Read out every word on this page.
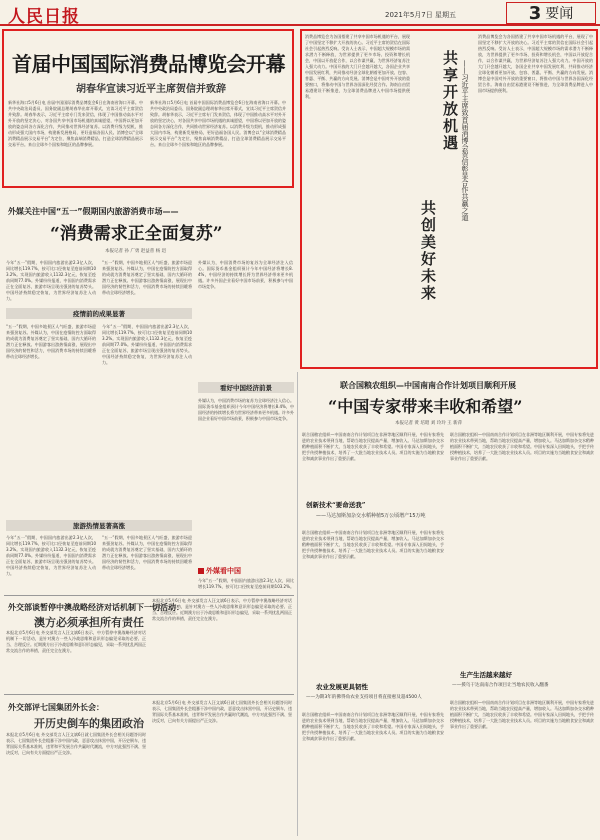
人民日报	2021年5月7日 星期五	3 要闻
首届中国国际消费品博览会开幕
胡春华宣读习近平主席贺信并致辞
新华社海口5月6日电 首届中国国际消费品博览会6日在海南省海口开幕。中共中央政治局委员、国务院副总理胡春华出席开幕式，宣读习近平主席贺信并致辞。胡春华表示，习近平主席专门发来贺信，体现了中国推动高水平对外开放的坚定决心，对各国共享中国市场机遇的真诚愿望，中国将以更加开放的姿态同各方深化合作，共同推动世界经济复苏。以消费升级为契机，推动形成强大国内市场，构建新发展格局，更好造福各国人民。消博会以“全球消费精品展示交易平台”为定位，聚焦高端消费精品，打造全球消费精品展示交易平台。来自全球多个国家和地区的品牌参展。
新华社海口5月6日电 首届中国国际消费品博览会6日在海南省海口开幕。中共中央政治局委员、国务院副总理胡春华出席开幕式，宣读习近平主席贺信并致辞。胡春华表示，习近平主席专门发来贺信，体现了中国推动高水平对外开放的坚定决心，对各国共享中国市场机遇的真诚愿望，中国将以更加开放的姿态同各方深化合作，共同推动世界经济复苏。以消费升级为契机，推动形成强大国内市场，构建新发展格局，更好造福各国人民。消博会以“全球消费精品展示交易平台”为定位，聚焦高端消费精品，打造全球消费精品展示交易平台。来自全球多个国家和地区的品牌参展。
消费品博览会为各国搭建了共享中国市场机遇的平台，展现了中国坚定不移扩大开放的决心。习近平主席的贺信在国际社会引起热烈反响。受访人士表示，中国超大规模市场的需求潜力不断释放，为世界提供了更多市场、投资和增长机会，中国以开放促合作，以合作谋共赢，为世界经济复苏注入强大动力。中国开放的大门只会越开越大，各国企业共享中国发展红利，共同推动经济全球化朝着更加开放、包容、普惠、平衡、共赢的方向发展。消博会是中国对外开放的重要窗口，将推动中国与世界各国深化经贸合作。海南自由贸易港建设不断推进，为全球消费品牌进入中国市场提供便利。	共享开放机遇
共创美好未来
——习近平主席致首届消博会贺信彰显合作共赢之道
消费品博览会为各国搭建了共享中国市场机遇的平台，展现了中国坚定不移扩大开放的决心。习近平主席的贺信在国际社会引起热烈反响。受访人士表示，中国超大规模市场的需求潜力不断释放，为世界提供了更多市场、投资和增长机会，中国以开放促合作，以合作谋共赢，为世界经济复苏注入强大动力。中国开放的大门只会越开越大，各国企业共享中国发展红利，共同推动经济全球化朝着更加开放、包容、普惠、平衡、共赢的方向发展。消博会是中国对外开放的重要窗口，将推动中国与世界各国深化经贸合作。海南自由贸易港建设不断推进，为全球消费品牌进入中国市场提供便利。
外媒关注中国“五一”假期国内旅游消费市场——
“消费需求正全面复苏”
本报记者 孙 广勇 赵益普 杨 迅
今年“五一”假期，中国国内旅游出游2.3亿人次，同比增长119.7%，按可比口径恢复至疫前同期103.2%。实现国内旅游收入1132.3亿元，恢复至疫前同期77.0%。外媒纷纷报道，中国国内消费需求正在全面复苏，旅游市场呈现出强劲的复苏势头。中国经济持续稳定恢复，为世界经济复苏注入动力。
“五一”假期，中国多地景区人气旺盛，旅游市场迎来强劲复苏。外媒认为，中国在疫情防控方面取得的成就为消费复苏奠定了坚实基础，国内大循环的潜力正在释放。中国游客出游热情高涨，展现出中国经济的韧性和活力，中国消费市场的持续回暖将带动全球经济增长。
外媒认为，中国消费市场的复苏为全球经济注入信心。国际货币基金组织预计今年中国经济将增长8.4%，中国经济的持续增长将为世界经济带来更多机遇。许多外国企业看好中国市场前景，积极参与中国市场竞争。
疫情前的成果显著
“五一”假期，中国多地景区人气旺盛，旅游市场迎来强劲复苏。外媒认为，中国在疫情防控方面取得的成就为消费复苏奠定了坚实基础，国内大循环的潜力正在释放。中国游客出游热情高涨，展现出中国经济的韧性和活力，中国消费市场的持续回暖将带动全球经济增长。
今年“五一”假期，中国国内旅游出游2.3亿人次，同比增长119.7%，按可比口径恢复至疫前同期103.2%。实现国内旅游收入1132.3亿元，恢复至疫前同期77.0%。外媒纷纷报道，中国国内消费需求正在全面复苏，旅游市场呈现出强劲的复苏势头。中国经济持续稳定恢复，为世界经济复苏注入动力。
看好中国经济前景
外媒认为，中国消费市场的复苏为全球经济注入信心。国际货币基金组织预计今年中国经济将增长8.4%，中国经济的持续增长将为世界经济带来更多机遇。许多外国企业看好中国市场前景，积极参与中国市场竞争。
旅游热情显著高涨
今年“五一”假期，中国国内旅游出游2.3亿人次，同比增长119.7%，按可比口径恢复至疫前同期103.2%。实现国内旅游收入1132.3亿元，恢复至疫前同期77.0%。外媒纷纷报道，中国国内消费需求正在全面复苏，旅游市场呈现出强劲的复苏势头。中国经济持续稳定恢复，为世界经济复苏注入动力。
“五一”假期，中国多地景区人气旺盛，旅游市场迎来强劲复苏。外媒认为，中国在疫情防控方面取得的成就为消费复苏奠定了坚实基础，国内大循环的潜力正在释放。中国游客出游热情高涨，展现出中国经济的韧性和活力，中国消费市场的持续回暖将带动全球经济增长。	外媒看中国
今年“五一”假期，中国国内旅游出游2.3亿人次，同比增长119.7%，按可比口径恢复至疫前同期103.2%。
外交部谈暂停中澳战略经济对话机制下一切活动：
澳方必须承担所有责任
本报北京5月6日电 外交部发言人汪文斌6日表示，中方暂停中澳战略经济对话机制下一切活动，是针对澳方一些人冷战思维和意识形态偏见采取的必要、正当、合理反应。近期澳方出于冷战思维和意识形态偏见，采取一系列扰乱两国正常交流合作的举措，责任完全在澳方。
本报北京5月6日电 外交部发言人汪文斌6日表示，中方暂停中澳战略经济对话机制下一切活动，是针对澳方一些人冷战思维和意识形态偏见采取的必要、正当、合理反应。近期澳方出于冷战思维和意识形态偏见，采取一系列扰乱两国正常交流合作的举措，责任完全在澳方。
外交部评七国集团外长会：
开历史倒车的集团政治
本报北京5月6日电 外交部发言人汪文斌6日就七国集团外长会相关问题答问时表示，七国集团外长会粗暴干涉中国内政，恶意攻击抹黑中国，开历史倒车，违背国际关系基本准则，违背和平发展合作共赢时代潮流，中方对此强烈不满、坚决反对，已向有关方面提出严正交涉。
本报北京5月6日电 外交部发言人汪文斌6日就七国集团外长会相关问题答问时表示，七国集团外长会粗暴干涉中国内政，恶意攻击抹黑中国，开历史倒车，违背国际关系基本准则，违背和平发展合作共赢时代潮流，中方对此强烈不满、坚决反对，已向有关方面提出严正交涉。
联合国粮农组织—中国南南合作计划项目顺利开展
“中国专家带来丰收和希望”
本报记者 黄 培昭 刘 玲玲 王 新萍
联合国粮农组织—中国南南合作计划项目在非洲等地区顺利开展，中国专家将先进的农业技术带到当地，帮助当地农民提高产量，增加收入。马达加斯加杂交水稻种植面积不断扩大，当地农民收获了丰收和希望。中国专家深入田间地头，手把手传授种植技术，培养了一大批当地农业技术人员。项目的实施为当地粮食安全和减贫事业作出了重要贡献。
联合国粮农组织—中国南南合作计划项目在非洲等地区顺利开展，中国专家将先进的农业技术带到当地，帮助当地农民提高产量，增加收入。马达加斯加杂交水稻种植面积不断扩大，当地农民收获了丰收和希望。中国专家深入田间地头，手把手传授种植技术，培养了一大批当地农业技术人员。项目的实施为当地粮食安全和减贫事业作出了重要贡献。
创新技术“要命送我”
——马达加斯加杂交水稻种植5万公顷增产15万吨
联合国粮农组织—中国南南合作计划项目在非洲等地区顺利开展，中国专家将先进的农业技术带到当地，帮助当地农民提高产量，增加收入。马达加斯加杂交水稻种植面积不断扩大，当地农民收获了丰收和希望。中国专家深入田间地头，手把手传授种植技术，培养了一大批当地农业技术人员。项目的实施为当地粮食安全和减贫事业作出了重要贡献。
农业发展更具韧性
——为期3年的佛得角农业支持项目将直接惠及超4500人
联合国粮农组织—中国南南合作计划项目在非洲等地区顺利开展，中国专家将先进的农业技术带到当地，帮助当地农民提高产量，增加收入。马达加斯加杂交水稻种植面积不断扩大，当地农民收获了丰收和希望。中国专家深入田间地头，手把手传授种植技术，培养了一大批当地农业技术人员。项目的实施为当地粮食安全和减贫事业作出了重要贡献。
生产生活越来越好
——援乌干达南南合作项目让当地农民收入翻番
联合国粮农组织—中国南南合作计划项目在非洲等地区顺利开展，中国专家将先进的农业技术带到当地，帮助当地农民提高产量，增加收入。马达加斯加杂交水稻种植面积不断扩大，当地农民收获了丰收和希望。中国专家深入田间地头，手把手传授种植技术，培养了一大批当地农业技术人员。项目的实施为当地粮食安全和减贫事业作出了重要贡献。
